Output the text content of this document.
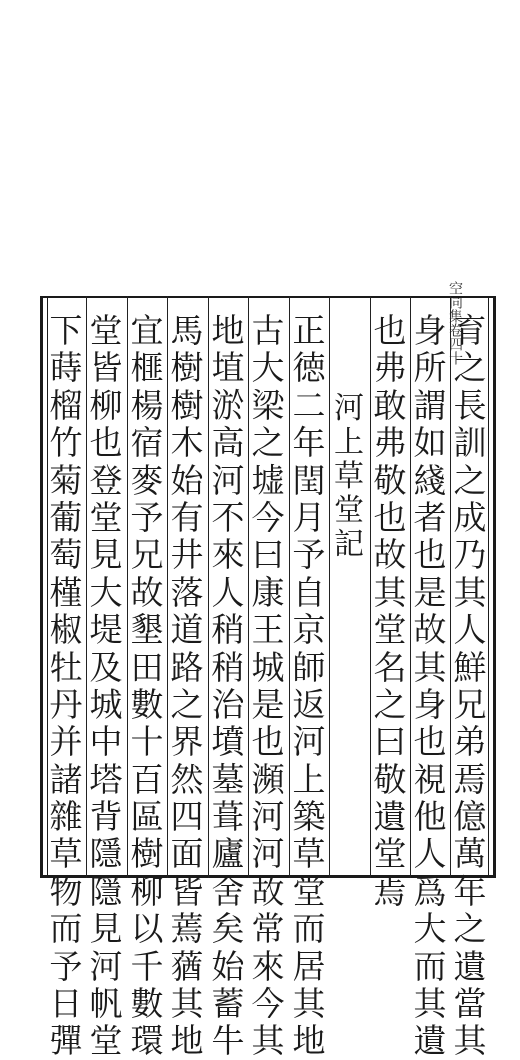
空同集卷四十
育
之
長
訓
之
成
乃
其
人
鮮
兄
弟
焉
億
萬
年
之
遺
當
其
身
所
謂
如
綫
者
也
是
故
其
身
也
視
他
人
爲
大
而
其
遺
也
弗
敢
弗
敬
也
故
其
堂
名
之
曰
敬
遺
堂
焉
河
上
草
堂
記
正
徳
二
年
閏
月
予
自
京
師
返
河
上
築
草
堂
而
居
其
地
古
大
梁
之
墟
今
曰
康
王
城
是
也
瀕
河
河
故
常
來
今
其
地
埴
淤
高
河
不
來
人
稍
稍
治
墳
墓
葺
廬
舍
矣
始
蓄
牛
馬
樹
樹
木
始
有
井
落
道
路
之
界
然
四
面
皆
蔫
蕕
其
地
宜
榧
楊
宿
麥
予
兄
故
墾
田
數
十
百
區
樹
柳
以
千
數
環
堂
皆
柳
也
登
堂
見
大
堤
及
城
中
塔
背
隱
隱
見
河
帆
堂
下
蒔
榴
竹
菊
葡
萄
槿
椒
牡
丹
并
諸
雜
草
物
而
予
日
彈
